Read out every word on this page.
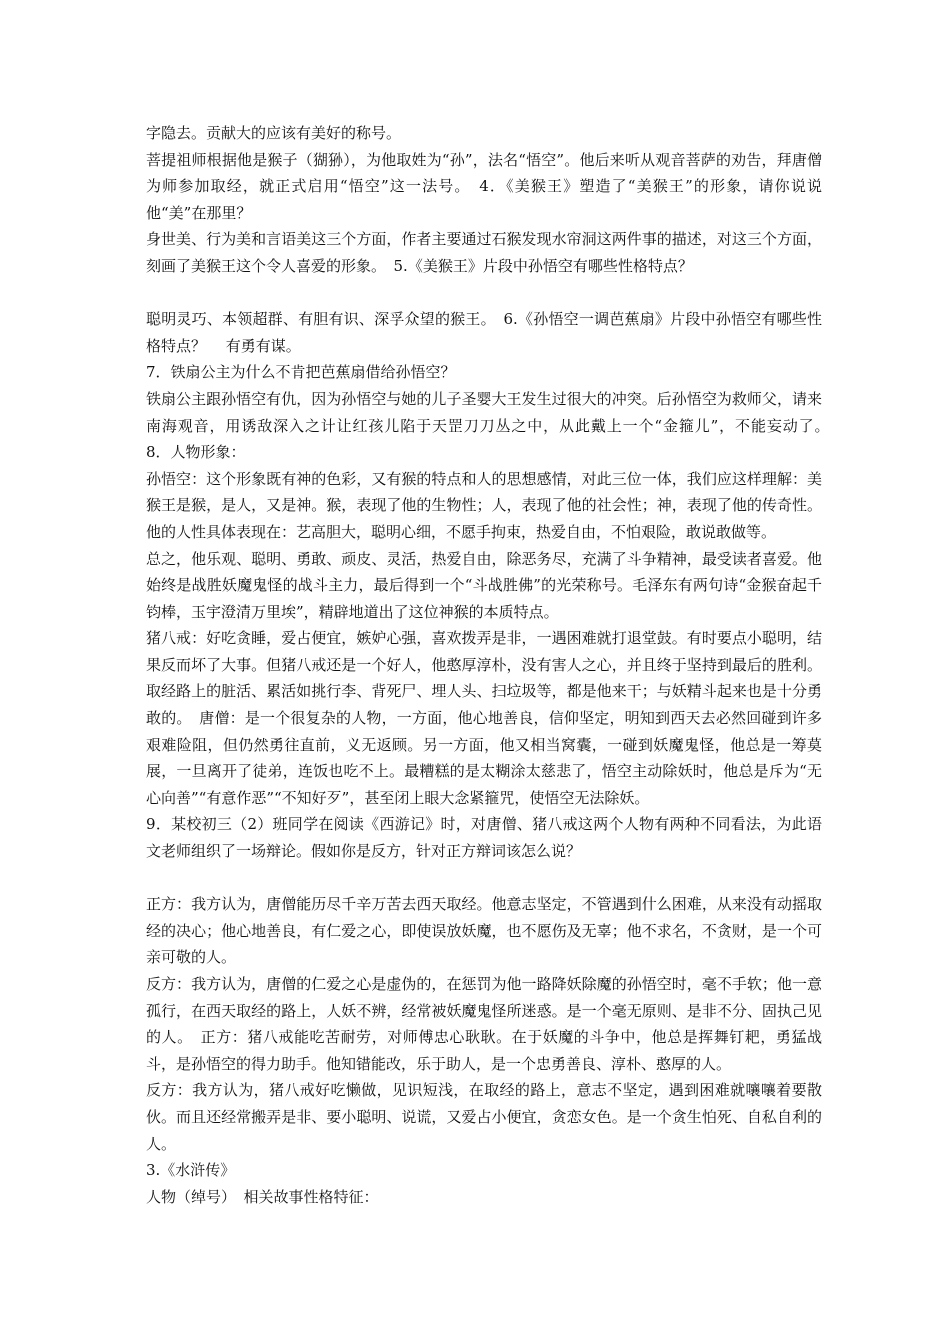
字隐去。贡献大的应该有美好的称号。

菩提祖师根据他是猴子（猢狲），为他取姓为“孙”，法名“悟空”。他后来听从观音菩萨的劝告，拜唐僧为师参加取经，就正式启用“悟空”这一法号。　4．《美猴王》塑造了“美猴王”的形象，请你说说他“美”在那里？

身世美、行为美和言语美这三个方面，作者主要通过石猴发现水帘洞这两件事的描述，对这三个方面，刻画了美猴王这个令人喜爱的形象。　5.《美猴王》片段中孙悟空有哪些性格特点？

聪明灵巧、本领超群、有胆有识、深孚众望的猴王。　6.《孙悟空一调芭蕉扇》片段中孙悟空有哪些性格特点？　 有勇有谋。

7．铁扇公主为什么不肯把芭蕉扇借给孙悟空？

铁扇公主跟孙悟空有仇，因为孙悟空与她的儿子圣婴大王发生过很大的冲突。后孙悟空为救师父，请来南海观音，用诱敌深入之计让红孩儿陷于天罡刀刀丛之中，从此戴上一个“金箍儿”，不能妄动了。　8．人物形象：

孙悟空：这个形象既有神的色彩，又有猴的特点和人的思想感情，对此三位一体，我们应这样理解：美猴王是猴，是人，又是神。猴，表现了他的生物性；人，表现了他的社会性；神，表现了他的传奇性。他的人性具体表现在：艺高胆大，聪明心细，不愿手拘束，热爱自由，不怕艰险，敢说敢做等。

总之，他乐观、聪明、勇敢、顽皮、灵活，热爱自由，除恶务尽，充满了斗争精神，最受读者喜爱。他始终是战胜妖魔鬼怪的战斗主力，最后得到一个“斗战胜佛”的光荣称号。毛泽东有两句诗“金猴奋起千钧棒，玉宇澄清万里埃”，精辟地道出了这位神猴的本质特点。

猪八戒：好吃贪睡，爱占便宜，嫉妒心强，喜欢拨弄是非，一遇困难就打退堂鼓。有时要点小聪明，结果反而坏了大事。但猪八戒还是一个好人，他憨厚淳朴，没有害人之心，并且终于坚持到最后的胜利。取经路上的脏活、累活如挑行李、背死尸、埋人头、扫垃圾等，都是他来干；与妖精斗起来也是十分勇敢的。　唐僧：是一个很复杂的人物，一方面，他心地善良，信仰坚定，明知到西天去必然回碰到许多艰难险阻，但仍然勇往直前，义无返顾。另一方面，他又相当窝囊，一碰到妖魔鬼怪，他总是一筹莫展，一旦离开了徒弟，连饭也吃不上。最糟糕的是太糊涂太慈悲了，悟空主动除妖时，他总是斥为“无心向善”“有意作恶”“不知好歹”，甚至闭上眼大念紧箍咒，使悟空无法除妖。

9．某校初三（2）班同学在阅读《西游记》时，对唐僧、猪八戒这两个人物有两种不同看法，为此语文老师组织了一场辩论。假如你是反方，针对正方辩词该怎么说？

正方：我方认为，唐僧能历尽千辛万苦去西天取经。他意志坚定，不管遇到什么困难，从来没有动摇取经的决心；他心地善良，有仁爱之心，即使误放妖魔，也不愿伤及无辜；他不求名，不贪财，是一个可亲可敬的人。

反方：我方认为，唐僧的仁爱之心是虚伪的，在惩罚为他一路降妖除魔的孙悟空时，毫不手软；他一意孤行，在西天取经的路上，人妖不辨，经常被妖魔鬼怪所迷惑。是一个毫无原则、是非不分、固执己见的人。　正方：猪八戒能吃苦耐劳，对师傅忠心耿耿。在于妖魔的斗争中，他总是挥舞钉耙，勇猛战斗，是孙悟空的得力助手。他知错能改，乐于助人，是一个忠勇善良、淳朴、憨厚的人。

反方：我方认为，猪八戒好吃懒做，见识短浅，在取经的路上，意志不坚定，遇到困难就嚷嚷着要散伙。而且还经常搬弄是非、要小聪明、说谎，又爱占小便宜，贪恋女色。是一个贪生怕死、自私自利的人。

3.《水浒传》

人物（绰号）　相关故事性格特征：
